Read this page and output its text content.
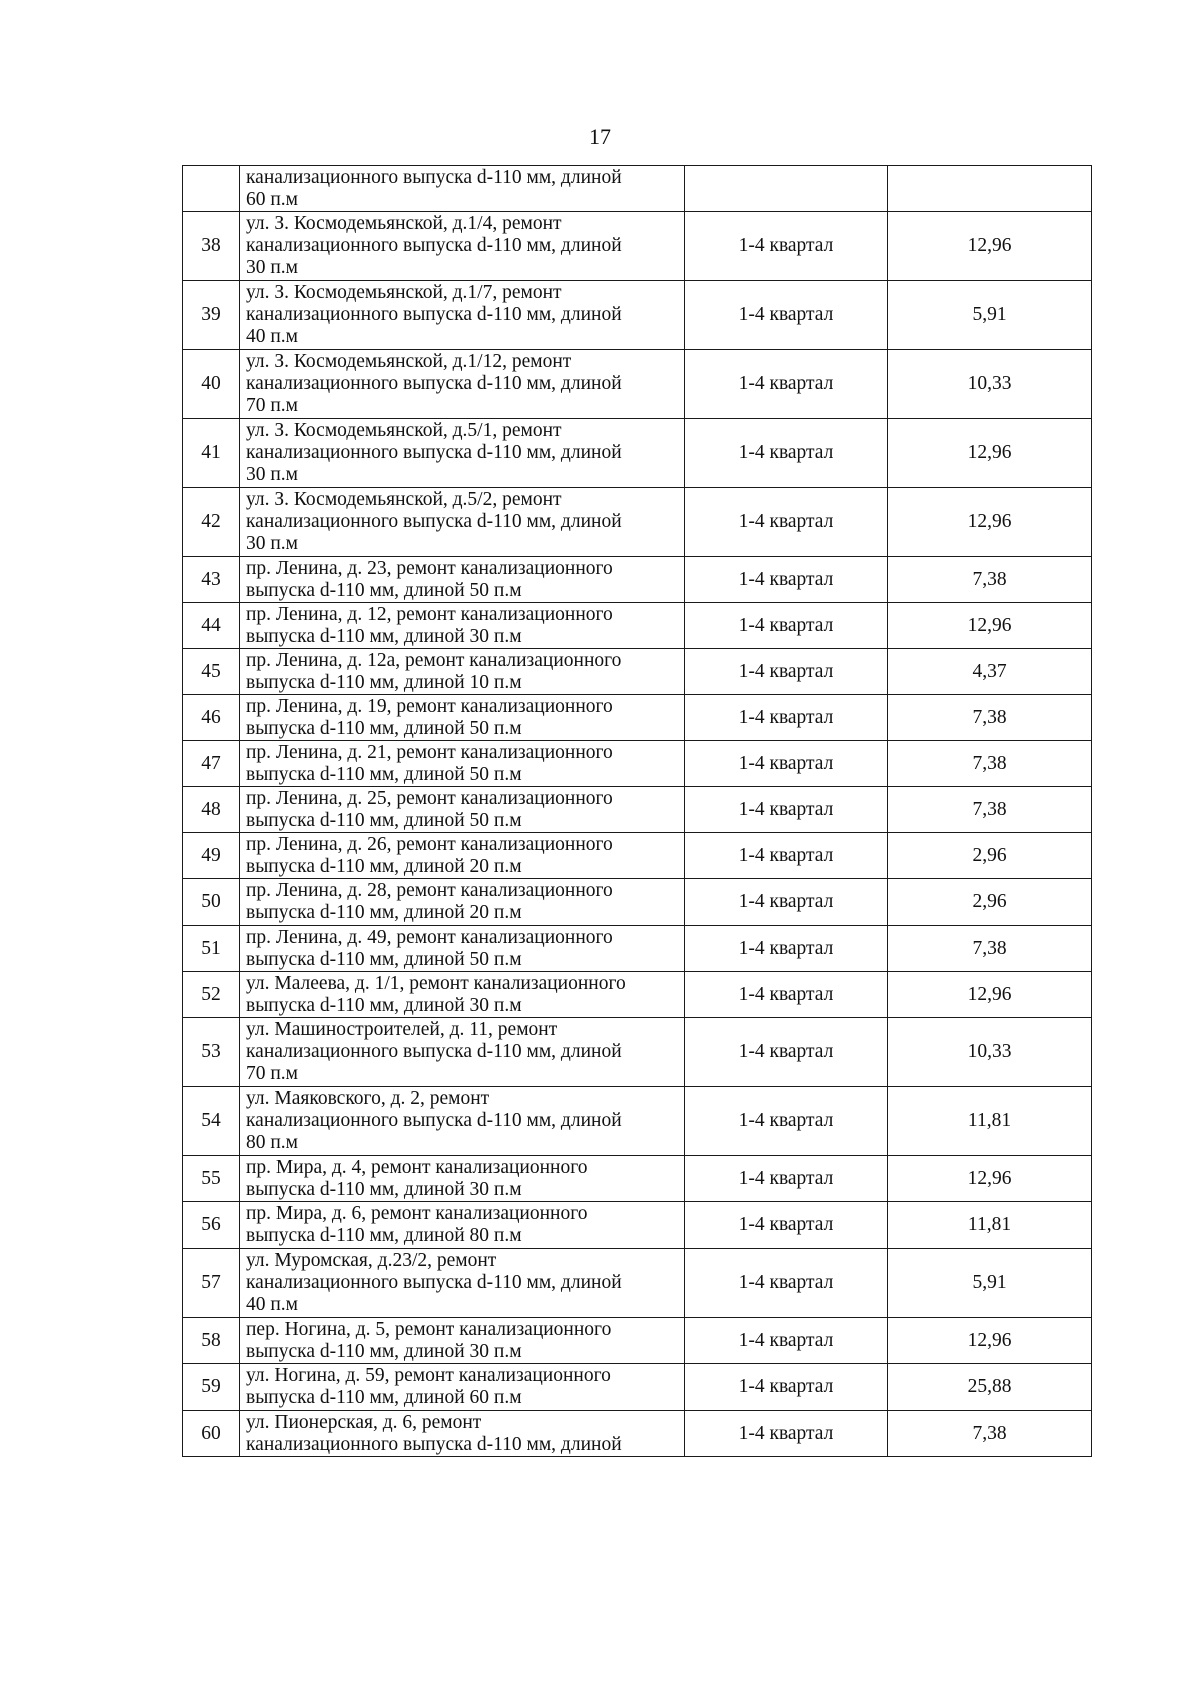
17

	канализационного выпуска d-110 мм, длиной
60 п.м		

38	ул. З. Космодемьянской, д.1/4, ремонт
канализационного выпуска d-110 мм, длиной
30 п.м	1-4 квартал	12,96
39	ул. З. Космодемьянской, д.1/7, ремонт
канализационного выпуска d-110 мм, длиной
40 п.м	1-4 квартал	5,91
40	ул. З. Космодемьянской, д.1/12, ремонт
канализационного выпуска d-110 мм, длиной
70 п.м	1-4 квартал	10,33
41	ул. З. Космодемьянской, д.5/1, ремонт
канализационного выпуска d-110 мм, длиной
30 п.м	1-4 квартал	12,96
42	ул. З. Космодемьянской, д.5/2, ремонт
канализационного выпуска d-110 мм, длиной
30 п.м	1-4 квартал	12,96
43	пр. Ленина, д. 23, ремонт канализационного
выпуска d-110 мм, длиной 50 п.м	1-4 квартал	7,38
44	пр. Ленина, д. 12, ремонт канализационного
выпуска d-110 мм, длиной 30 п.м	1-4 квартал	12,96
45	пр. Ленина, д. 12а, ремонт канализационного
выпуска d-110 мм, длиной 10 п.м	1-4 квартал	4,37
46	пр. Ленина, д. 19, ремонт канализационного
выпуска d-110 мм, длиной 50 п.м	1-4 квартал	7,38
47	пр. Ленина, д. 21, ремонт канализационного
выпуска d-110 мм, длиной 50 п.м	1-4 квартал	7,38
48	пр. Ленина, д. 25, ремонт канализационного
выпуска d-110 мм, длиной 50 п.м	1-4 квартал	7,38
49	пр. Ленина, д. 26, ремонт канализационного
выпуска d-110 мм, длиной 20 п.м	1-4 квартал	2,96
50	пр. Ленина, д. 28, ремонт канализационного
выпуска d-110 мм, длиной 20 п.м	1-4 квартал	2,96
51	пр. Ленина, д. 49, ремонт канализационного
выпуска d-110 мм, длиной 50 п.м	1-4 квартал	7,38
52	ул. Малеева, д. 1/1, ремонт канализационного
выпуска d-110 мм, длиной 30 п.м	1-4 квартал	12,96
53	ул. Машиностроителей, д. 11, ремонт
канализационного выпуска d-110 мм, длиной
70 п.м	1-4 квартал	10,33
54	ул. Маяковского, д. 2, ремонт
канализационного выпуска d-110 мм, длиной
80 п.м	1-4 квартал	11,81
55	пр. Мира, д. 4, ремонт канализационного
выпуска d-110 мм, длиной 30 п.м	1-4 квартал	12,96
56	пр. Мира, д. 6, ремонт канализационного
выпуска d-110 мм, длиной 80 п.м	1-4 квартал	11,81
57	ул. Муромская, д.23/2, ремонт
канализационного выпуска d-110 мм, длиной
40 п.м	1-4 квартал	5,91
58	пер. Ногина, д. 5, ремонт канализационного
выпуска d-110 мм, длиной 30 п.м	1-4 квартал	12,96
59	ул. Ногина, д. 59, ремонт канализационного
выпуска d-110 мм, длиной 60 п.м	1-4 квартал	25,88
60	ул. Пионерская, д. 6, ремонт
канализационного выпуска d-110 мм, длиной	1-4 квартал	7,38
